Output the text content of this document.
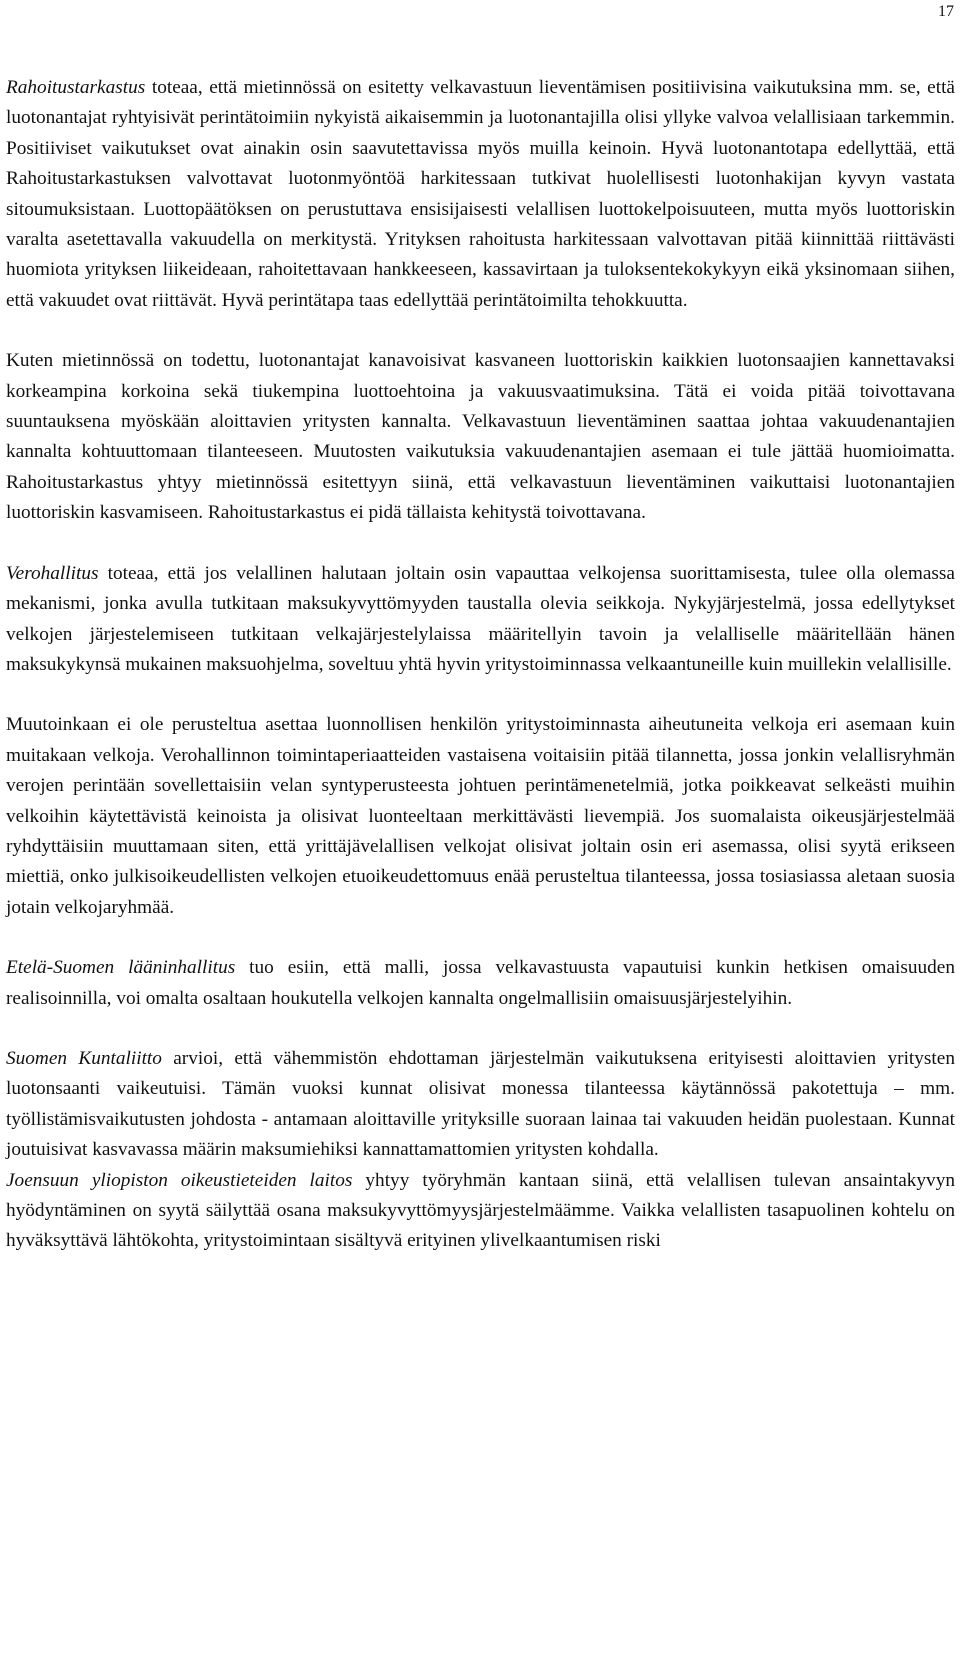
17

Rahoitustarkastus toteaa, että mietinnössä on esitetty velkavastuun lieventämisen positiivisina vaikutuksina mm. se, että luotonantajat ryhtyisivät perintätoimiin nykyistä aikaisemmin ja luotonantajilla olisi yllyke valvoa velallisiaan tarkemmin. Positiiviset vaikutukset ovat ainakin osin saavutettavissa myös muilla keinoin. Hyvä luotonantotapa edellyttää, että Rahoitustarkastuksen valvottavat luotonmyöntöä harkitessaan tutkivat huolellisesti luotonhakijan kyvyn vastata sitoumuksistaan. Luottopäätöksen on perustuttava ensisijaisesti velallisen luottokelpoisuuteen, mutta myös luottoriskin varalta asetettavalla vakuudella on merkitystä. Yrityksen rahoitusta harkitessaan valvottavan pitää kiinnittää riittävästi huomiota yrityksen liikeideaan, rahoitettavaan hankkeeseen, kassavirtaan ja tuloksentekokykyyn eikä yksinomaan siihen, että vakuudet ovat riittävät. Hyvä perintätapa taas edellyttää perintätoimilta tehokkuutta.

Kuten mietinnössä on todettu, luotonantajat kanavoisivat kasvaneen luottoriskin kaikkien luotonsaajien kannettavaksi korkeampina korkoina sekä tiukempina luottoehtoina ja vakuusvaatimuksina. Tätä ei voida pitää toivottavana suuntauksena myöskään aloittavien yritysten kannalta. Velkavastuun lieventäminen saattaa johtaa vakuudenantajien kannalta kohtuuttomaan tilanteeseen. Muutosten vaikutuksia vakuudenantajien asemaan ei tule jättää huomioimatta. Rahoitustarkastus yhtyy mietinnössä esitettyyn siinä, että velkavastuun lieventäminen vaikuttaisi luotonantajien luottoriskin kasvamiseen. Rahoitustarkastus ei pidä tällaista kehitystä toivottavana.

Verohallitus toteaa, että jos velallinen halutaan joltain osin vapauttaa velkojensa suorittamisesta, tulee olla olemassa mekanismi, jonka avulla tutkitaan maksukyvyttömyyden taustalla olevia seikkoja. Nykyjärjestelmä, jossa edellytykset velkojen järjestelemiseen tutkitaan velkajärjestelylaissa määritellyin tavoin ja velalliselle määritellään hänen maksukykynsä mukainen maksuohjelma, soveltuu yhtä hyvin yritystoiminnassa velkaantuneille kuin muillekin velallisille.

Muutoinkaan ei ole perusteltua asettaa luonnollisen henkilön yritystoiminnasta aiheutuneita velkoja eri asemaan kuin muitakaan velkoja. Verohallinnon toimintaperiaatteiden vastaisena voitaisiin pitää tilannetta, jossa jonkin velallisryhmän verojen perintään sovellettaisiin velan syntyperusteesta johtuen perintämenetelmiä, jotka poikkeavat selkeästi muihin velkoihin käytettävistä keinoista ja olisivat luonteeltaan merkittävästi lievempiä. Jos suomalaista oikeusjärjestelmää ryhdyttäisiin muuttamaan siten, että yrittäjävelallisen velkojat olisivat joltain osin eri asemassa, olisi syytä erikseen miettiä, onko julkisoikeudellisten velkojen etuoikeudettomuus enää perusteltua tilanteessa, jossa tosiasiassa aletaan suosia jotain velkojaryhmää.

Etelä-Suomen lääninhallitus tuo esiin, että malli, jossa velkavastuusta vapautuisi kunkin hetkisen omaisuuden realisoinnilla, voi omalta osaltaan houkutella velkojen kannalta ongelmallisiin omaisuusjärjestelyihin.

Suomen Kuntaliitto arvioi, että vähemmistön ehdottaman järjestelmän vaikutuksena erityisesti aloittavien yritysten luotonsaanti vaikeutuisi. Tämän vuoksi kunnat olisivat monessa tilanteessa käytännössä pakotettuja – mm. työllistämisvaikutusten johdosta - antamaan aloittaville yrityksille suoraan lainaa tai vakuuden heidän puolestaan. Kunnat joutuisivat kasvavassa määrin maksumiehiksi kannattamattomien yritysten kohdalla.

Joensuun yliopiston oikeustieteiden laitos yhtyy työryhmän kantaan siinä, että velallisen tulevan ansaintakyvyn hyödyntäminen on syytä säilyttää osana maksukyvyttömyysjärjestelmäämme. Vaikka velallisten tasapuolinen kohtelu on hyväksyttävä lähtökohta, yritystoimintaan sisältyvä erityinen ylivelkaantumisen riski
